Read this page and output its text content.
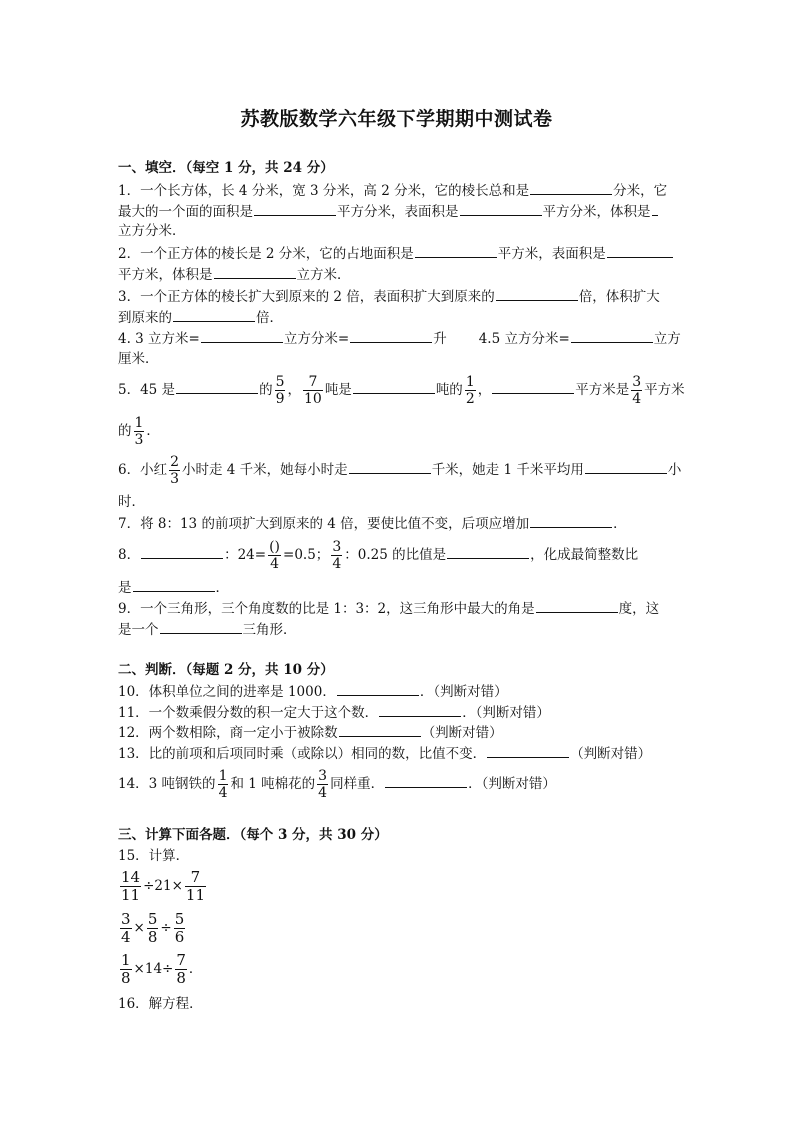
苏教版数学六年级下学期期中测试卷
一、填空．（每空 1 分，共 24 分）
1．一个长方体，长 4 分米，宽 3 分米，高 2 分米，它的棱长总和是	分米，它
最大的一个面的面积是	平方分米，表面积是	平方分米，体积是
立方分米．
2．一个正方体的棱长是 2 分米，它的占地面积是	平方米，表面积是
平方米，体积是	立方米．
3．一个正方体的棱长扩大到原来的 2 倍，表面积扩大到原来的	倍，体积扩大
到原来的	倍．
4. 3 立方米=	立方分米=	升 4.5 立方分米=	立方
厘米．
5．45 是	的 $\frac{5}{9}$ ， $\frac{7}{10}$ 吨是	吨的 $\frac{1}{2}$ ，	平方米是 $\frac{3}{4}$ 平方米
的 $\frac{1}{3}$ ．
6．小红 $\frac{2}{3}$ 小时走 4 千米，她每小时走	千米，她走 1 千米平均用	小
时．
7．将 8：13 的前项扩大到原来的 4 倍，要使比值不变，后项应增加	．
8．	：$24= \frac{()}{4} =0.5$； $\frac{3}{4}$ ：0.25 的比值是	，化成最简整数比
是	．
9．一个三角形，三个角度数的比是 1：3：2，这三角形中最大的角是	度，这
是一个	三角形．
二、判断．（每题 2 分，共 10 分）
10．体积单位之间的进率是 1000．	．（判断对错）
11．一个数乘假分数的积一定大于这个数．	．（判断对错）
12．两个数相除，商一定小于被除数	（判断对错）
13．比的前项和后项同时乘（或除以）相同的数，比值不变．	（判断对错）
14．3 吨钢铁的 $\frac{1}{4}$ 和 1 吨棉花的 $\frac{3}{4}$ 同样重．	．（判断对错）
三、计算下面各题．（每个 3 分，共 30 分）
15．计算．
$\frac{14}{11} \div 21\times \frac{7}{11}$
$\frac{3}{4} \times \frac{5}{8} \div \frac{5}{6}$
$\frac{1}{8} \times 14\div \frac{7}{8}$ ．
16．解方程．
